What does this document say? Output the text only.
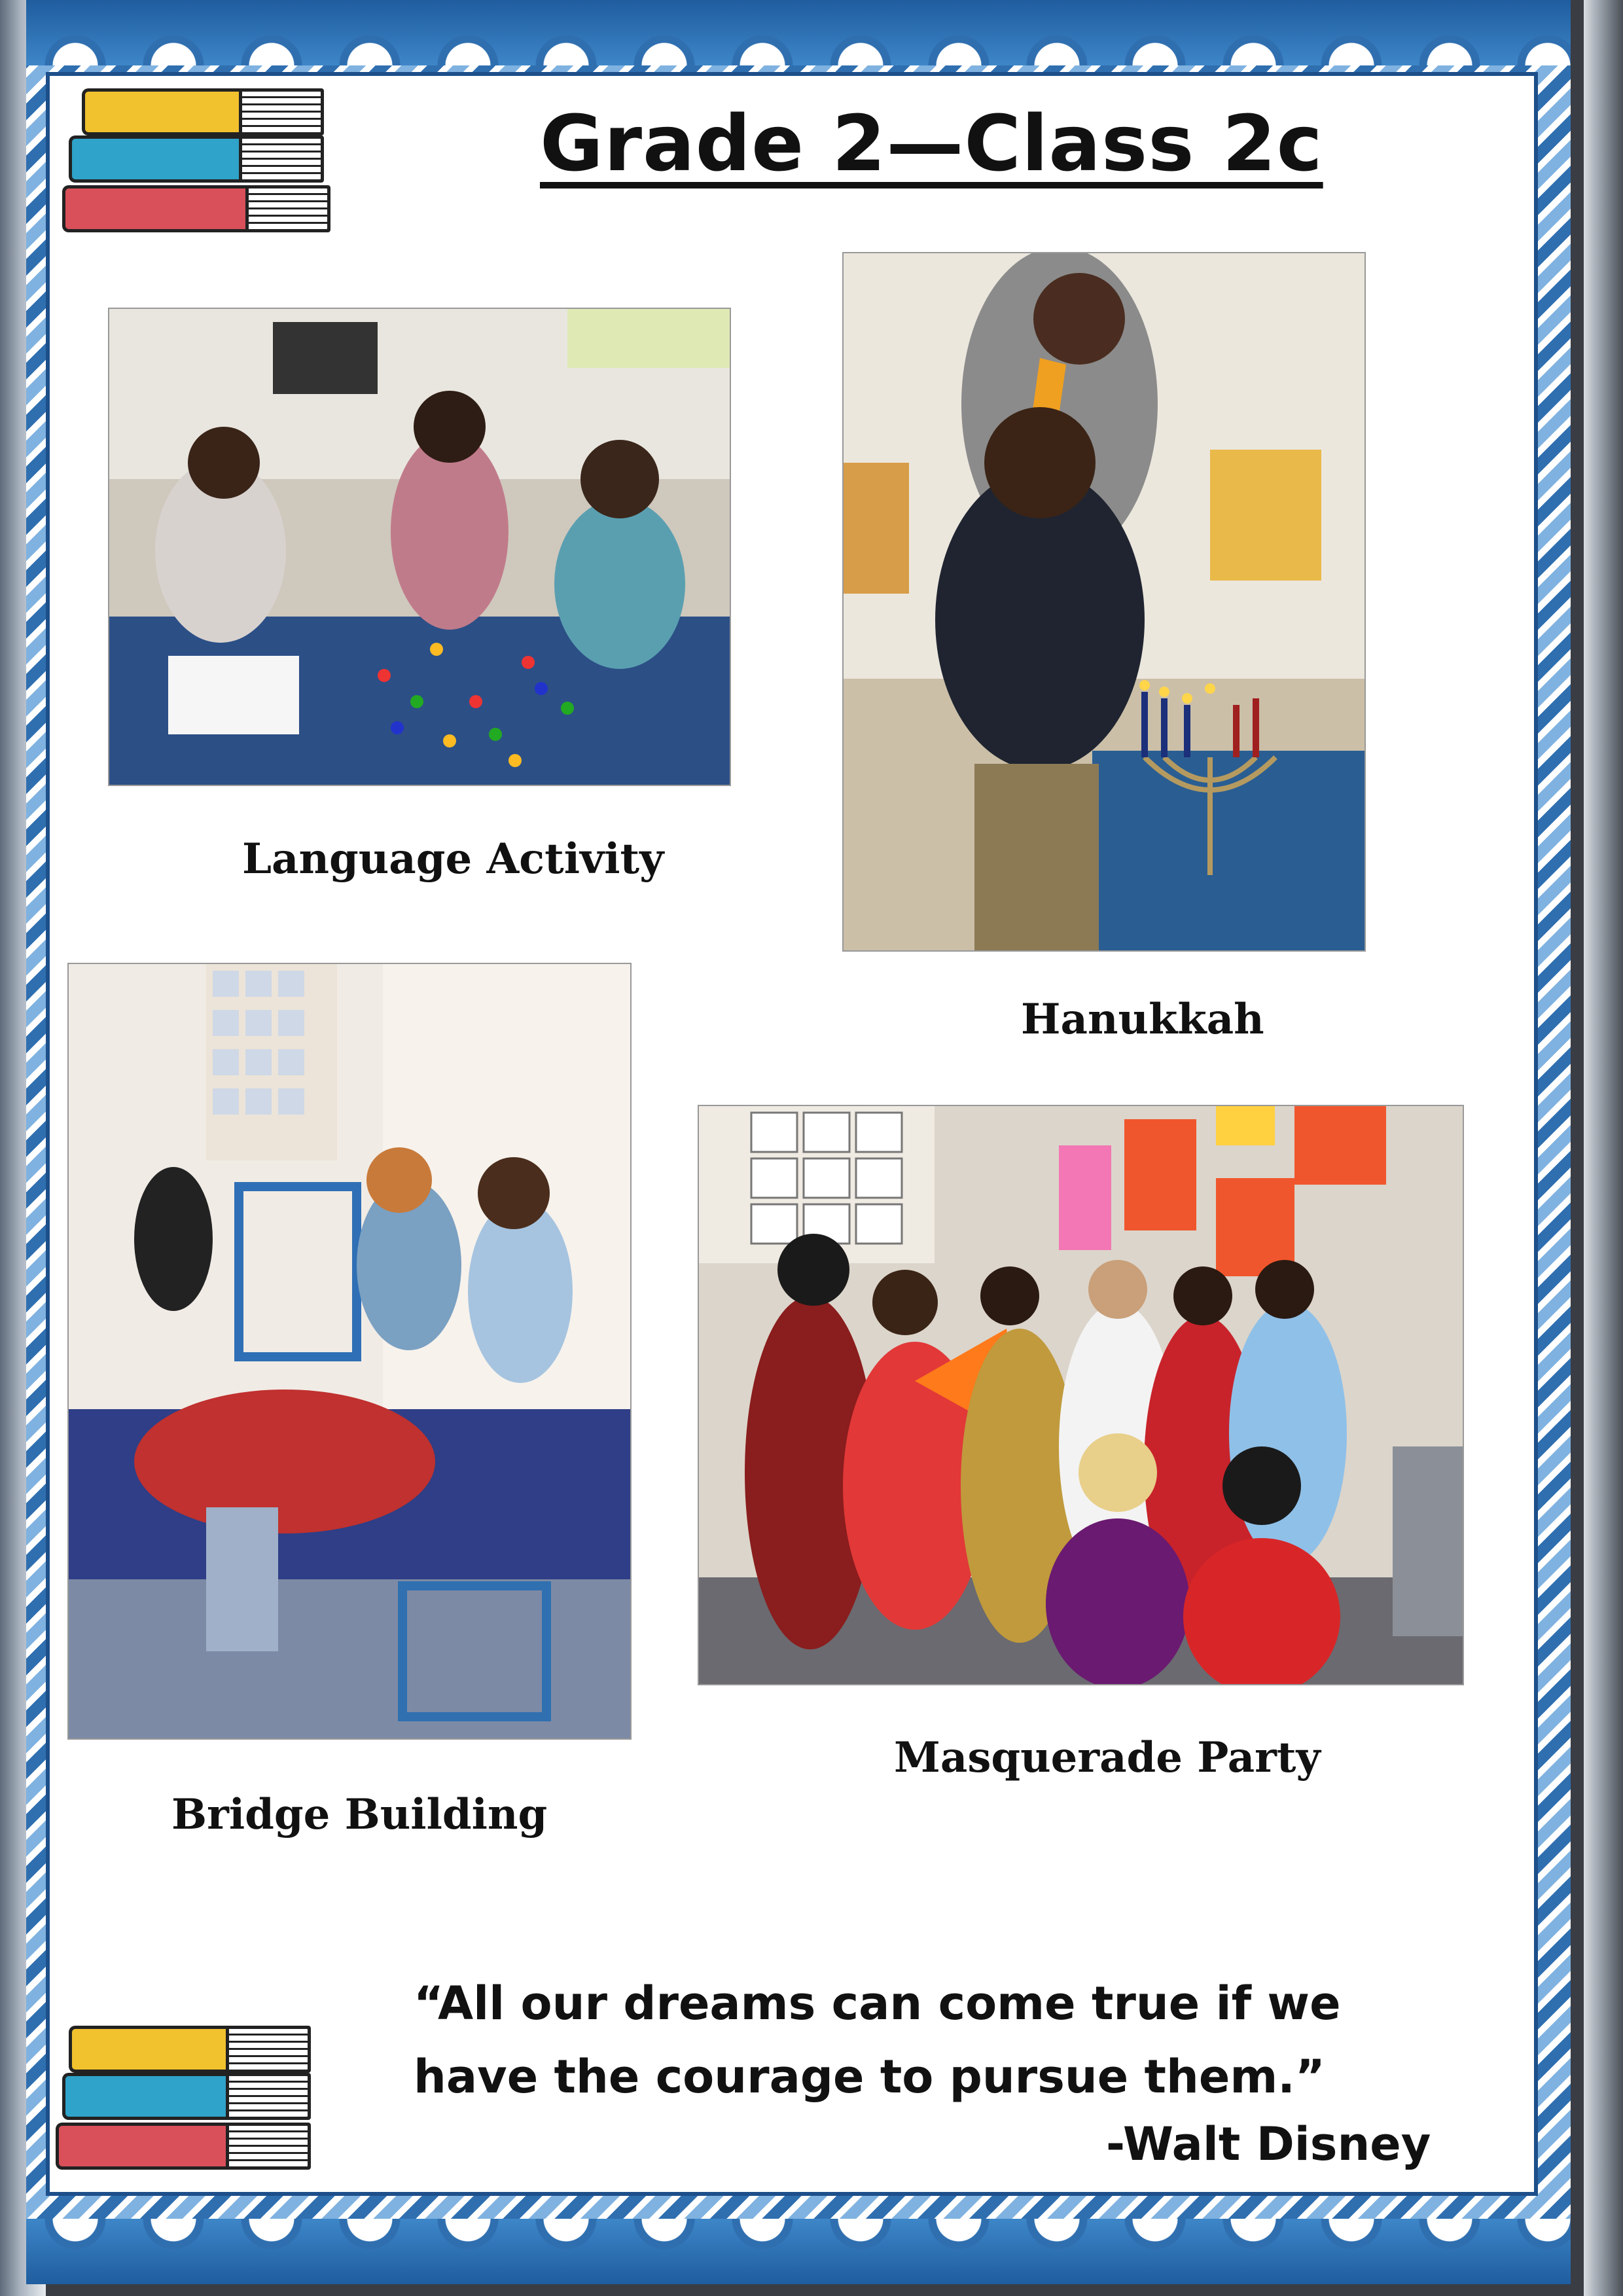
Grade 2—Class 2c
Language Activity
Hanukkah
Bridge Building
Masquerade Party
“All our dreams can come true if we have the courage to pursue them.”
-Walt Disney
